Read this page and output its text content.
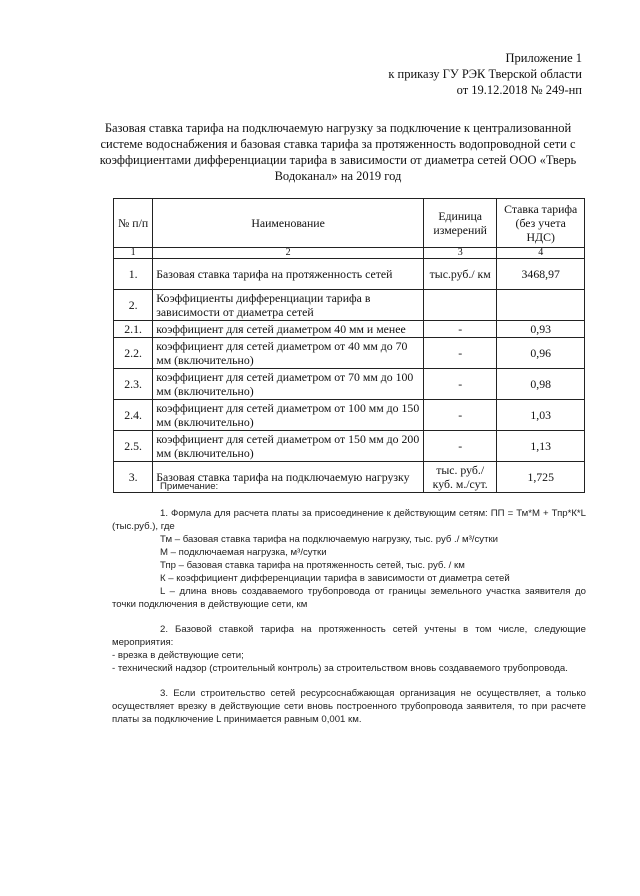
Приложение 1
к приказу ГУ РЭК Тверской области
от 19.12.2018 № 249-нп
Базовая ставка тарифа на подключаемую нагрузку за подключение к централизованной системе водоснабжения и базовая ставка тарифа за протяженность водопроводной сети с коэффициентами дифференциации тарифа в зависимости от диаметра сетей ООО «Тверь Водоканал» на 2019 год
№ п/п	Наименование	Единица измерений	Ставка тарифа (без учета НДС)
1	2	3	4
1.	Базовая ставка тарифа на протяженность сетей	тыс.руб./ км	3468,97
2.	Коэффициенты дифференциации тарифа в зависимости от диаметра сетей		
2.1.	коэффициент для сетей диаметром 40 мм и менее	-	0,93
2.2.	коэффициент для сетей диаметром от 40 мм до 70 мм (включительно)	-	0,96
2.3.	коэффициент для сетей диаметром от 70 мм до 100 мм (включительно)	-	0,98
2.4.	коэффициент для сетей диаметром от 100 мм до 150 мм (включительно)	-	1,03
2.5.	коэффициент для сетей диаметром от 150 мм до 200 мм (включительно)	-	1,13
3.	Базовая ставка тарифа на подключаемую нагрузку	тыс. руб./ куб. м./сут.	1,725

Примечание:

1. Формула для расчета платы за присоединение к действующим сетям: ПП = Тм*М + Тпр*К*L (тыс.руб.), где

Тм – базовая ставка тарифа на подключаемую нагрузку, тыс. руб ./ м³/сутки

М – подключаемая нагрузка, м³/сутки

Тпр – базовая ставка тарифа на протяженность сетей, тыс. руб. / км

К – коэффициент дифференциации тарифа в зависимости от диаметра сетей

L – длина вновь создаваемого трубопровода от границы земельного участка заявителя до точки подключения в действующие сети, км

2. Базовой ставкой тарифа на протяженность сетей учтены в том числе, следующие мероприятия:

- врезка в действующие сети;

- технический надзор (строительный контроль) за строительством вновь создаваемого трубопровода.

3. Если строительство сетей ресурсоснабжающая организация не осуществляет, а только осуществляет врезку в действующие сети вновь построенного трубопровода заявителя, то при расчете платы за подключение L принимается равным 0,001 км.
